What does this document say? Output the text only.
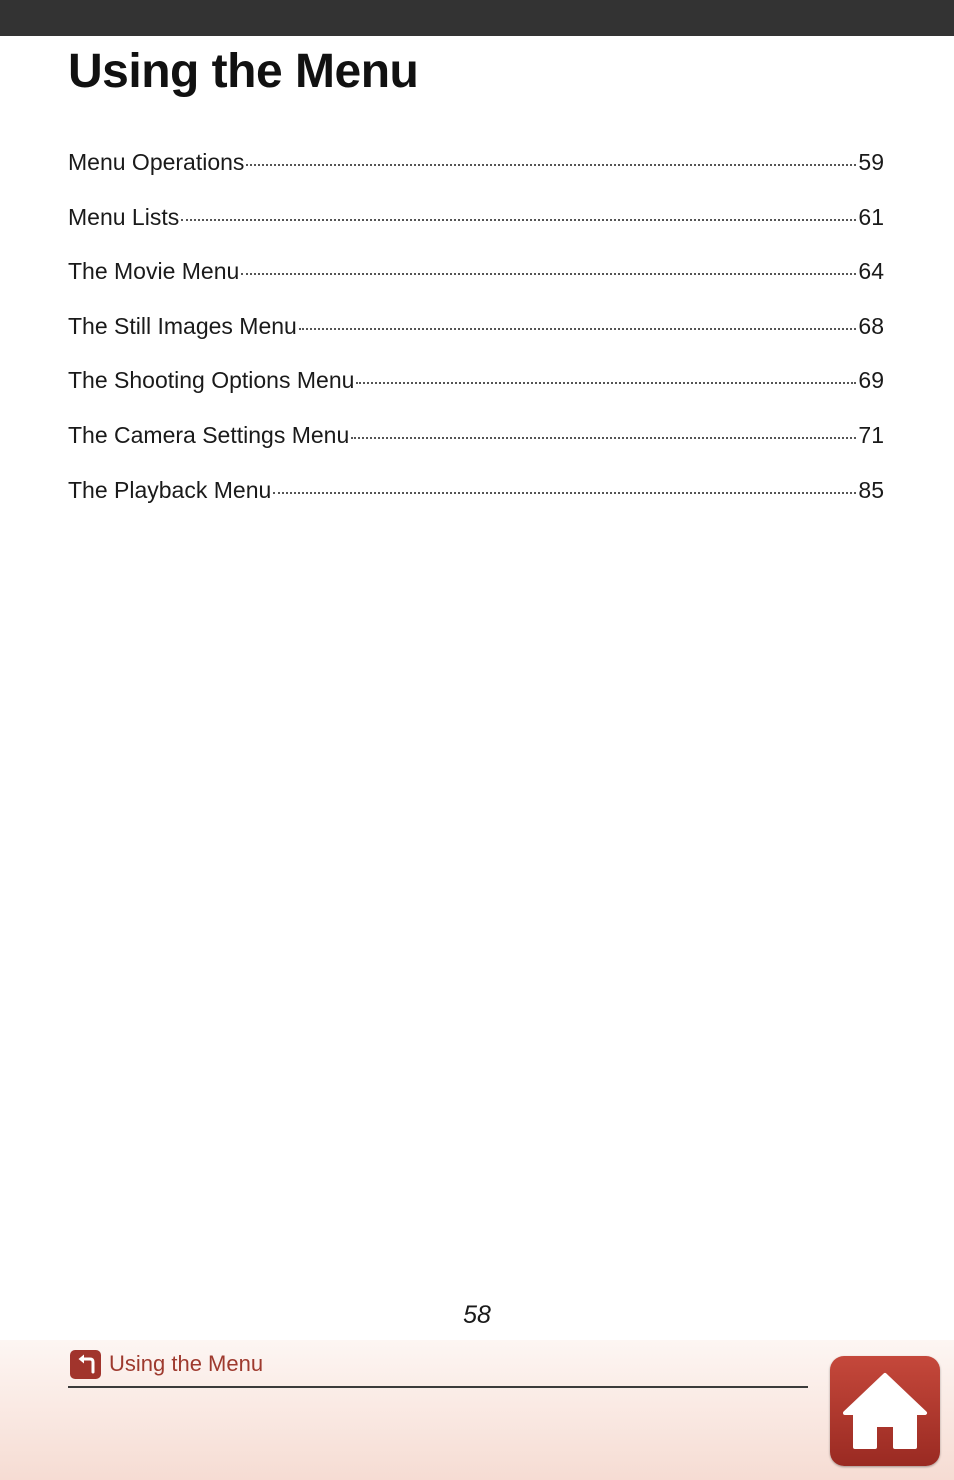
Using the Menu
Menu Operations	59
Menu Lists	61
The Movie Menu	64
The Still Images Menu	68
The Shooting Options Menu	69
The Camera Settings Menu	71
The Playback Menu	85
58
Using the Menu
